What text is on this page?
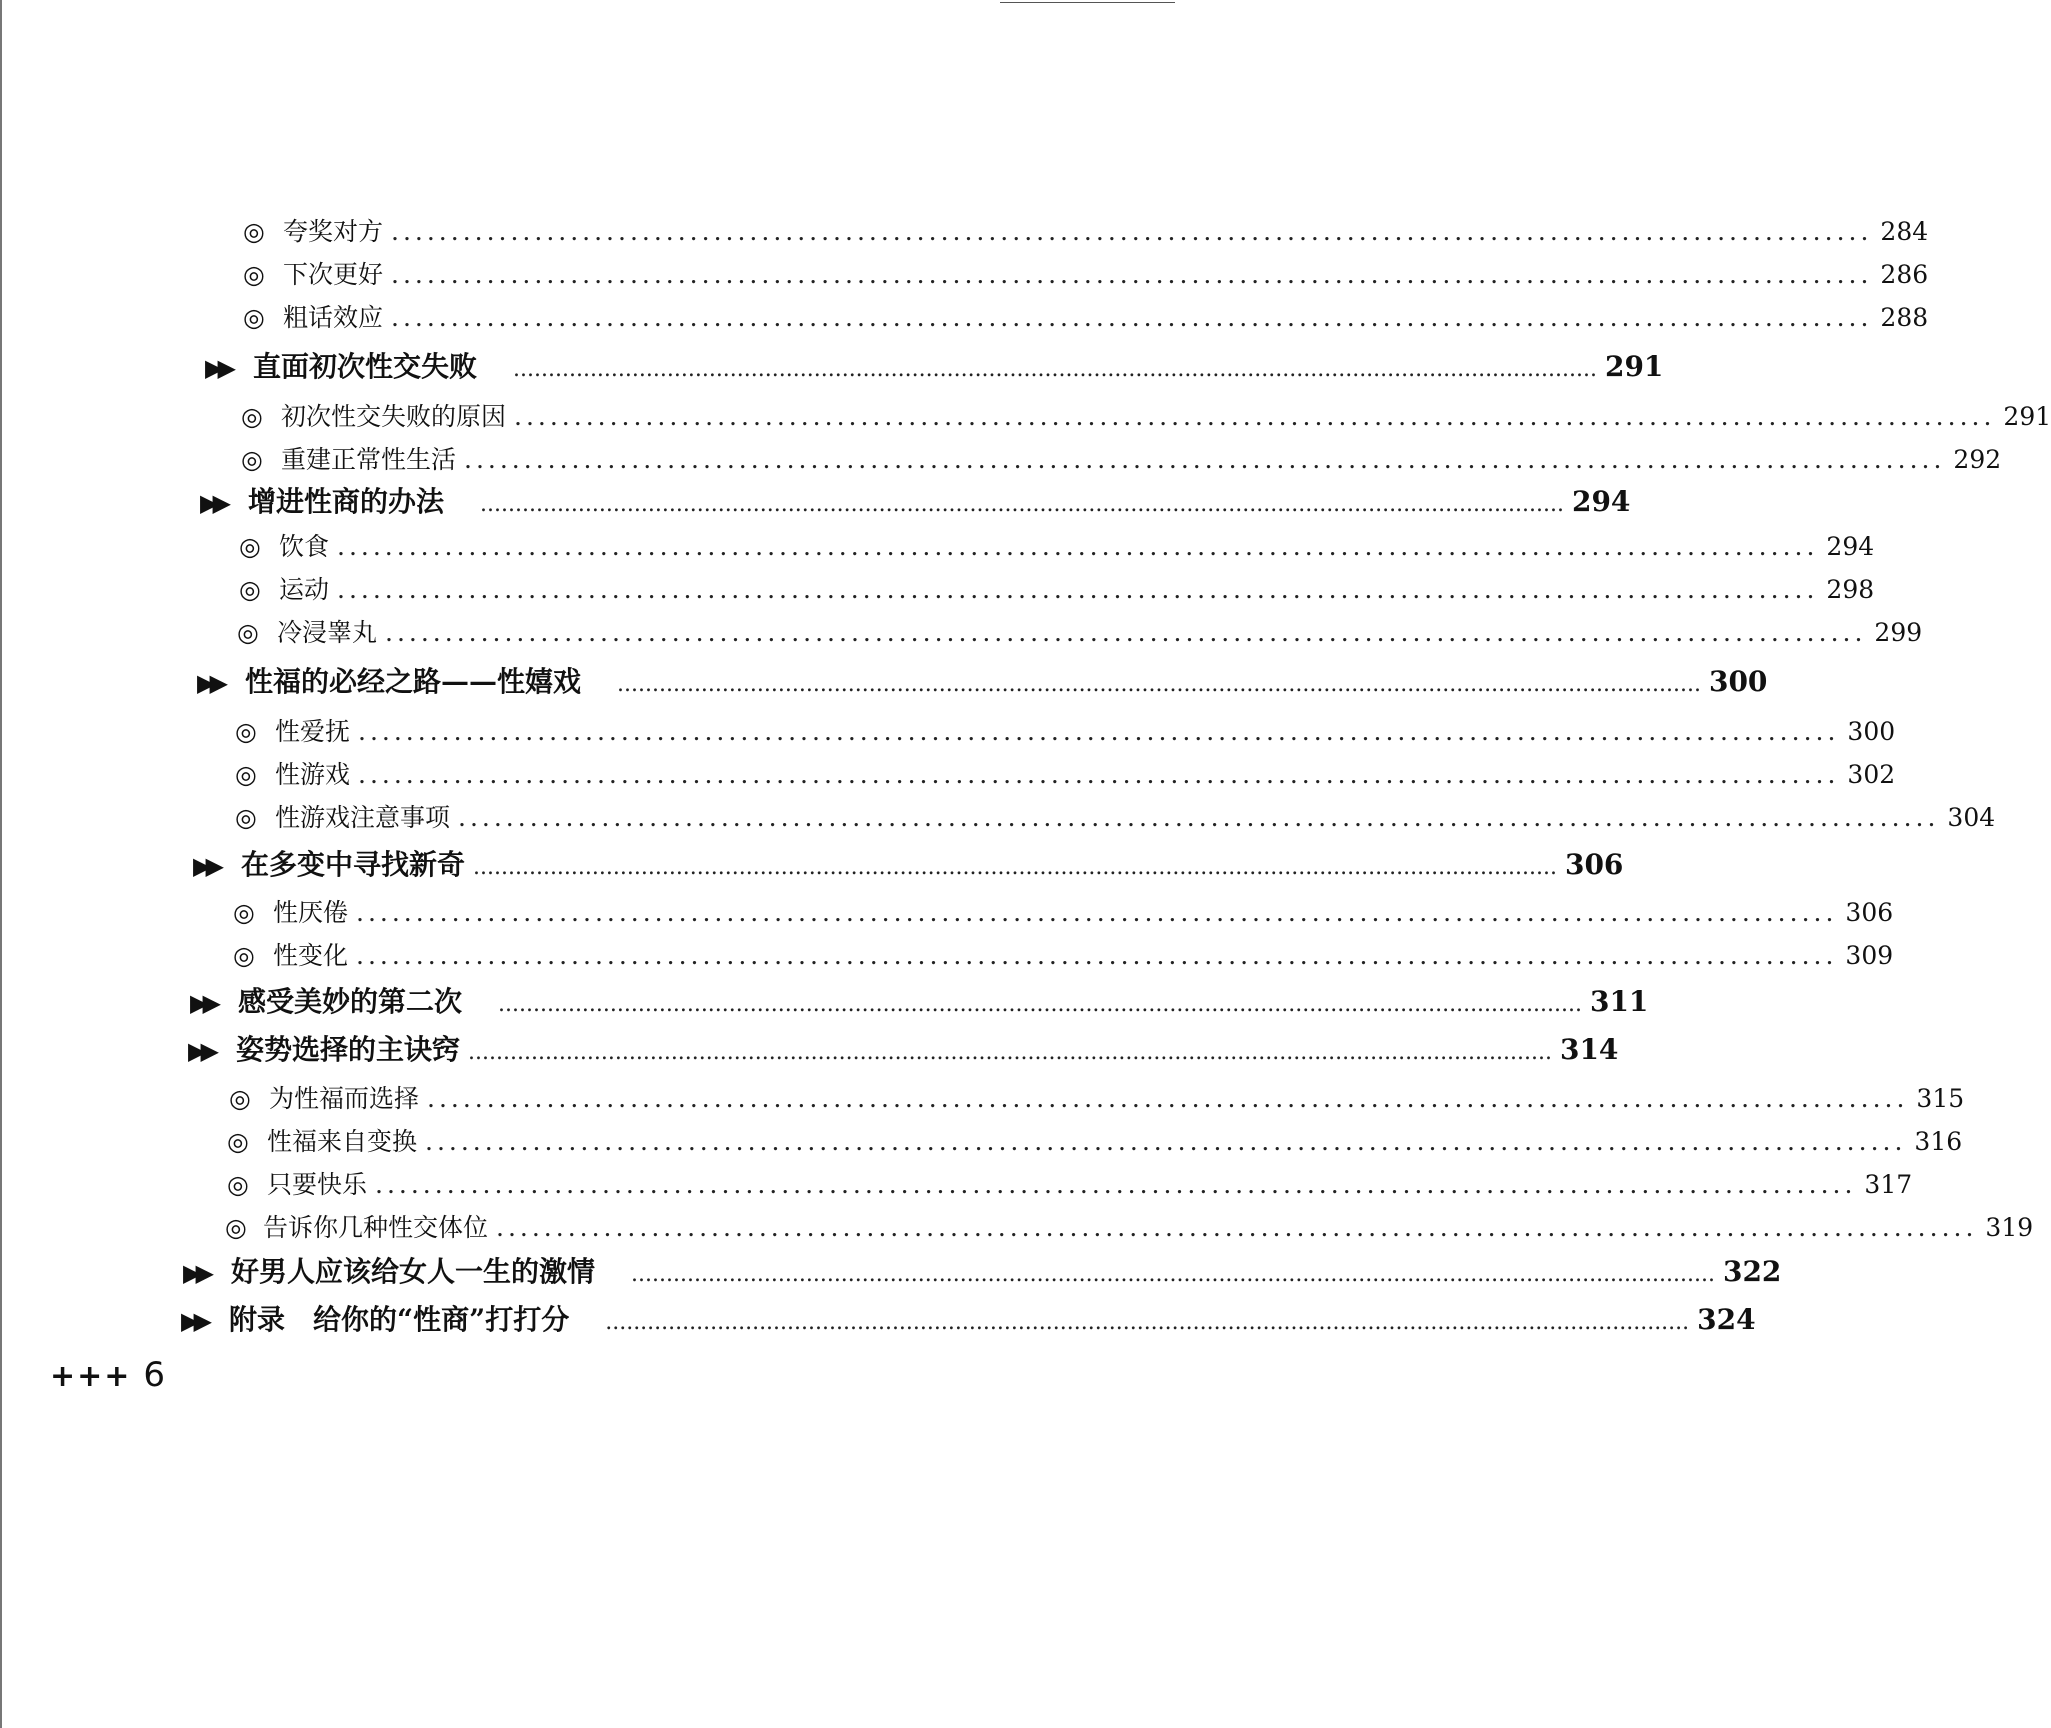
◎ 夸奖对方 ............................................................................................................................ 284
◎ 下次更好 ............................................................................................................................ 286
◎ 粗话效应 ............................................................................................................................ 288
▶▶ 直面初次性交失败 ........................................................................................................................................................... 291
◎ 初次性交失败的原因 ............................................................................................................................ 291
◎ 重建正常性生活 ............................................................................................................................ 292
▶▶ 增进性商的办法 ........................................................................................................................................................... 294
◎ 饮食 ............................................................................................................................ 294
◎ 运动 ............................................................................................................................ 298
◎ 冷浸睾丸 ............................................................................................................................ 299
▶▶ 性福的必经之路——性嬉戏 ........................................................................................................................................................... 300
◎ 性爱抚 ............................................................................................................................ 300
◎ 性游戏 ............................................................................................................................ 302
◎ 性游戏注意事项 ............................................................................................................................ 304
▶▶ 在多变中寻找新奇 ........................................................................................................................................................... 306
◎ 性厌倦 ............................................................................................................................ 306
◎ 性变化 ............................................................................................................................ 309
▶▶ 感受美妙的第二次 ........................................................................................................................................................... 311
▶▶ 姿势选择的主诀窍 ........................................................................................................................................................... 314
◎ 为性福而选择 ............................................................................................................................ 315
◎ 性福来自变换 ............................................................................................................................ 316
◎ 只要快乐 ............................................................................................................................ 317
◎ 告诉你几种性交体位 ............................................................................................................................ 319
▶▶ 好男人应该给女人一生的激情 ........................................................................................................................................................... 322
▶▶ 附录　给你的“性商”打打分 ........................................................................................................................................................... 324
+++ 6
